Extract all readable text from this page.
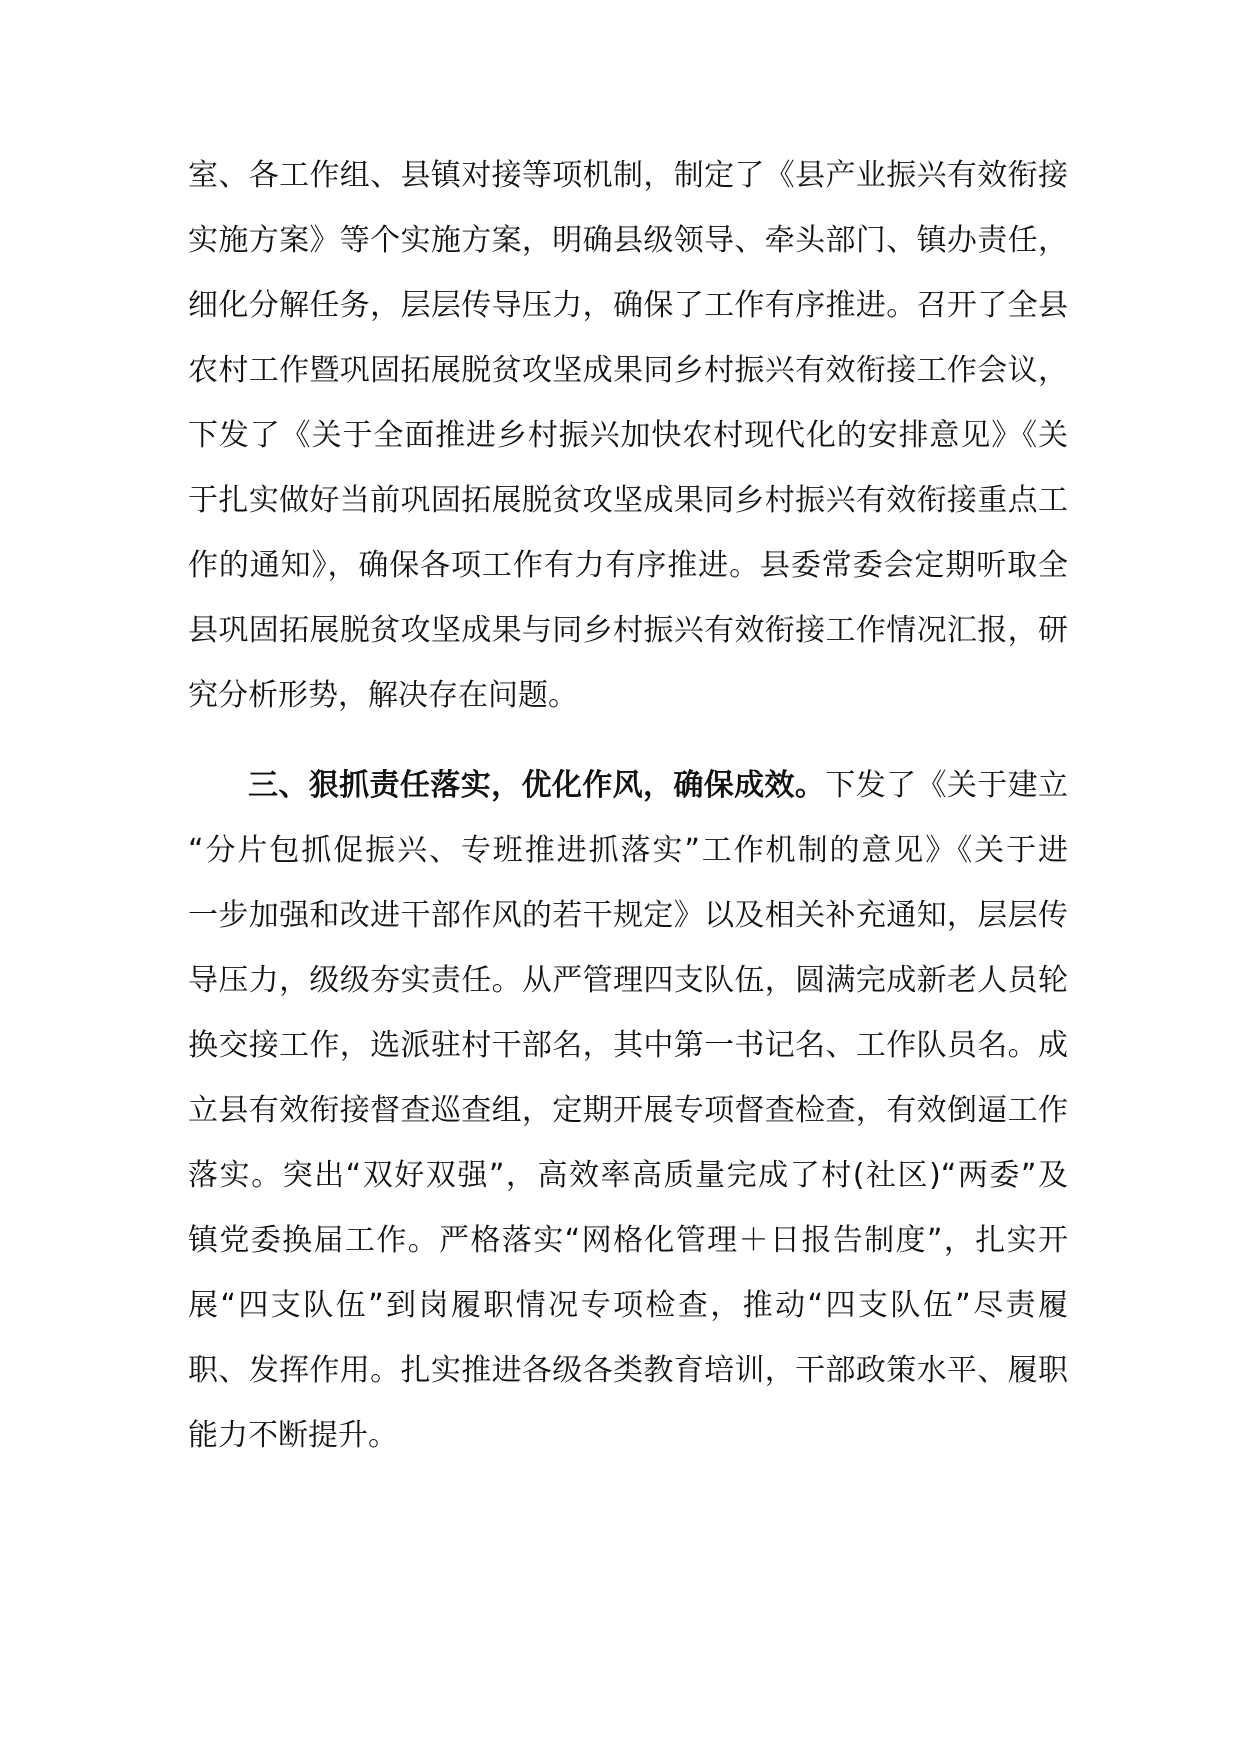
室、各工作组、县镇对接等项机制，制定了《县产业振兴有效衔接
实施方案》等个实施方案，明确县级领导、牵头部门、镇办责任，
细化分解任务，层层传导压力，确保了工作有序推进。召开了全县
农村工作暨巩固拓展脱贫攻坚成果同乡村振兴有效衔接工作会议，
下发了《关于全面推进乡村振兴加快农村现代化的安排意见》《关
于扎实做好当前巩固拓展脱贫攻坚成果同乡村振兴有效衔接重点工
作的通知》，确保各项工作有力有序推进。县委常委会定期听取全
县巩固拓展脱贫攻坚成果与同乡村振兴有效衔接工作情况汇报，研
究分析形势，解决存在问题。
三、狠抓责任落实，优化作风，确保成效。下发了《关于建立
“分片包抓促振兴、专班推进抓落实”工作机制的意见》《关于进
一步加强和改进干部作风的若干规定》以及相关补充通知，层层传
导压力，级级夯实责任。从严管理四支队伍，圆满完成新老人员轮
换交接工作，选派驻村干部名，其中第一书记名、工作队员名。成
立县有效衔接督查巡查组，定期开展专项督查检查，有效倒逼工作
落实。突出“双好双强”，高效率高质量完成了村(社区)“两委”及
镇党委换届工作。严格落实“网格化管理＋日报告制度”，扎实开
展“四支队伍”到岗履职情况专项检查，推动“四支队伍”尽责履
职、发挥作用。扎实推进各级各类教育培训，干部政策水平、履职
能力不断提升。
